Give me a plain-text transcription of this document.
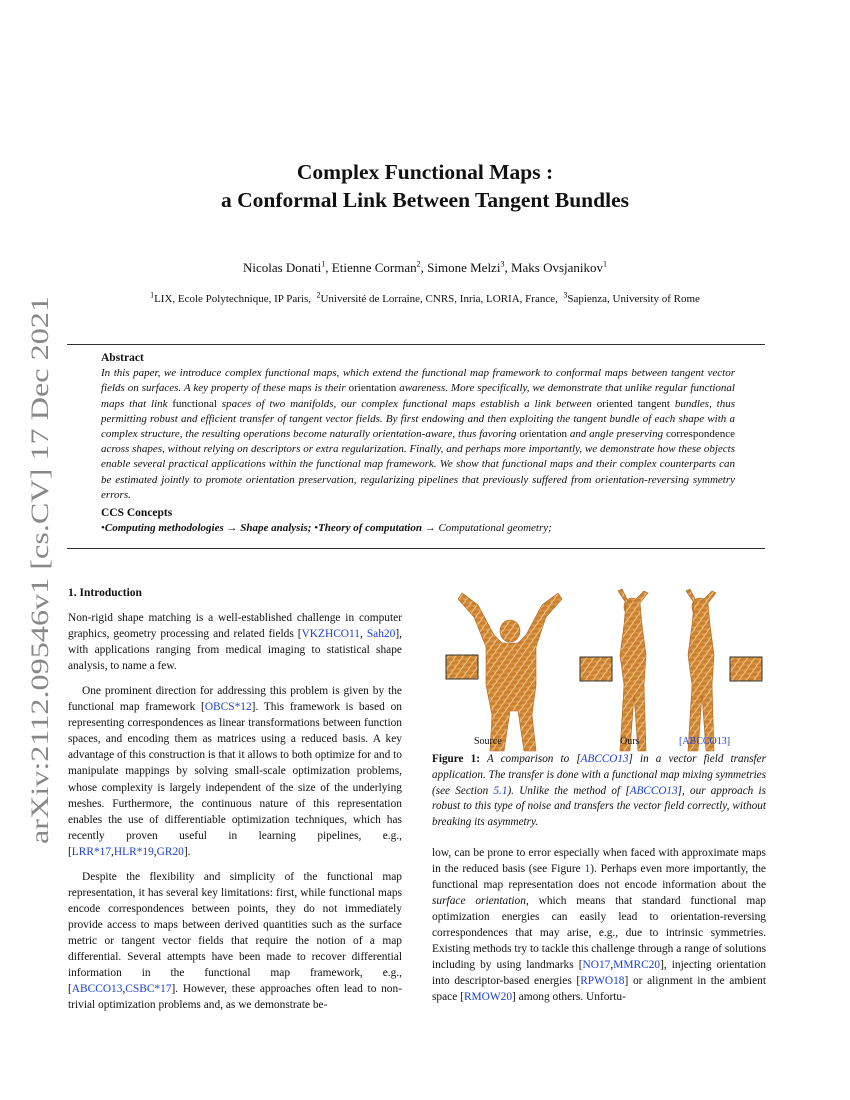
arXiv:2112.09546v1 [cs.CV] 17 Dec 2021
Complex Functional Maps :
a Conformal Link Between Tangent Bundles
Nicolas Donati$^1$, Etienne Corman$^2$, Simone Melzi$^3$, Maks Ovsjanikov$^1$
$^1$LIX, Ecole Polytechnique, IP Paris, $^2$Université de Lorraine, CNRS, Inria, LORIA, France, $^3$Sapienza, University of Rome
Abstract
In this paper, we introduce complex functional maps, which extend the functional map framework to conformal maps between tangent vector fields on surfaces. A key property of these maps is their orientation awareness. More specifically, we demonstrate that unlike regular functional maps that link functional spaces of two manifolds, our complex functional maps establish a link between oriented tangent bundles, thus permitting robust and efficient transfer of tangent vector fields. By first endowing and then exploiting the tangent bundle of each shape with a complex structure, the resulting operations become naturally orientation-aware, thus favoring orientation and angle preserving correspondence across shapes, without relying on descriptors or extra regularization. Finally, and perhaps more importantly, we demonstrate how these objects enable several practical applications within the functional map framework. We show that functional maps and their complex counterparts can be estimated jointly to promote orientation preservation, regularizing pipelines that previously suffered from orientation-reversing symmetry errors.
CCS Concepts
•Computing methodologies → Shape analysis; •Theory of computation → Computational geometry;
1. Introduction

Non-rigid shape matching is a well-established challenge in computer graphics, geometry processing and related fields [VKZHCO11, Sah20], with applications ranging from medical imaging to statistical shape analysis, to name a few.

One prominent direction for addressing this problem is given by the functional map framework [OBCS*12]. This framework is based on representing correspondences as linear transformations between function spaces, and encoding them as matrices using a reduced basis. A key advantage of this construction is that it allows to both optimize for and to manipulate mappings by solving small-scale optimization problems, whose complexity is largely independent of the size of the underlying meshes. Furthermore, the continuous nature of this representation enables the use of differentiable optimization techniques, which has recently proven useful in learning pipelines, e.g., [LRR*17,HLR*19,GR20].

Despite the flexibility and simplicity of the functional map representation, it has several key limitations: first, while functional maps encode correspondences between points, they do not immediately provide access to maps between derived quantities such as the surface metric or tangent vector fields that require the notion of a map differential. Several attempts have been made to recover differential information in the functional map framework, e.g., [ABCCO13,CSBC*17]. However, these approaches often lead to non-trivial optimization problems and, as we demonstrate be-

Source	Ours	[ABCCO13]
Figure 1: A comparison to [ABCCO13] in a vector field transfer application. The transfer is done with a functional map mixing symmetries (see Section 5.1). Unlike the method of [ABCCO13], our approach is robust to this type of noise and transfers the vector field correctly, without breaking its asymmetry.

low, can be prone to error especially when faced with approximate maps in the reduced basis (see Figure 1). Perhaps even more importantly, the functional map representation does not encode information about the surface orientation, which means that standard functional map optimization energies can easily lead to orientation-reversing correspondences that may arise, e.g., due to intrinsic symmetries. Existing methods try to tackle this challenge through a range of solutions including by using landmarks [NO17,MMRC20], injecting orientation into descriptor-based energies [RPWO18] or alignment in the ambient space [RMOW20] among others. Unfortu-
